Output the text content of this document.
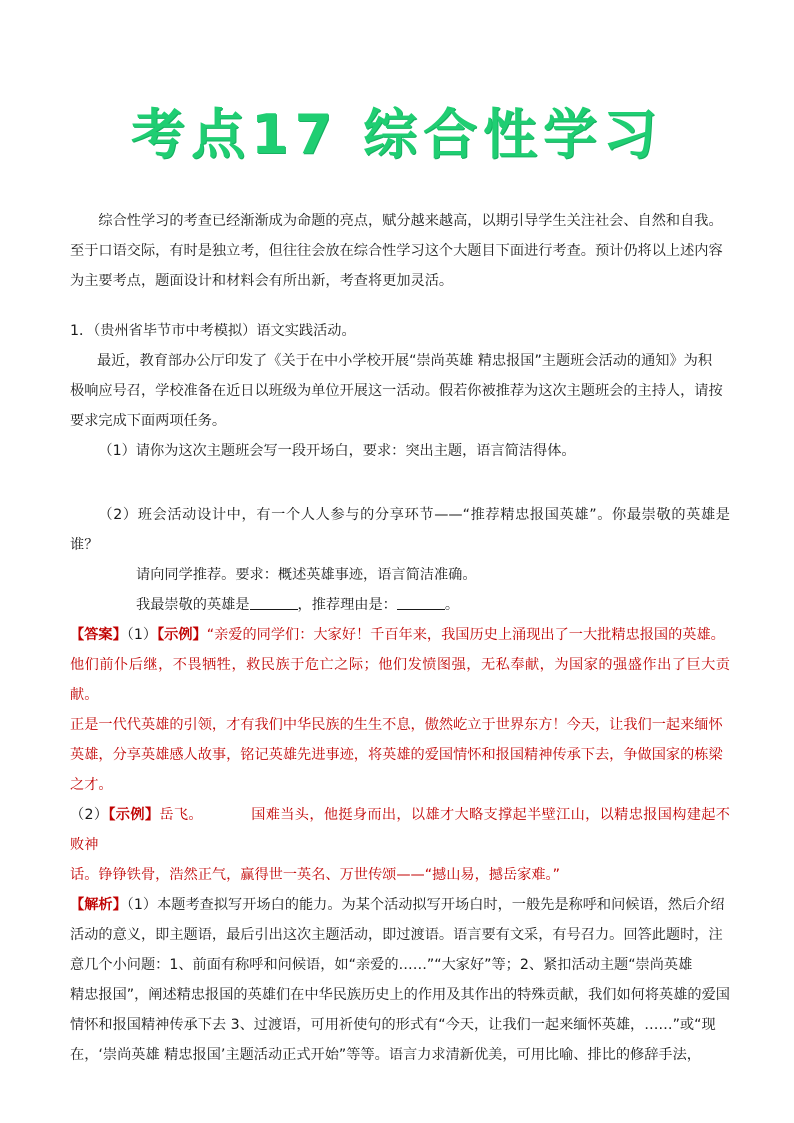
考点17 综合性学习

综合性学习的考查已经渐渐成为命题的亮点，赋分越来越高，以期引导学生关注社会、自然和自我。

至于口语交际，有时是独立考，但往往会放在综合性学习这个大题目下面进行考查。预计仍将以上述内容

为主要考点，题面设计和材料会有所出新，考查将更加灵活。

1．（贵州省毕节市中考模拟）语文实践活动。

最近，教育部办公厅印发了《关于在中小学校开展“崇尚英雄 精忠报国”主题班会活动的通知》为积

极响应号召，学校准备在近日以班级为单位开展这一活动。假若你被推荐为这次主题班会的主持人，请按

要求完成下面两项任务。

（1）请你为这次主题班会写一段开场白，要求：突出主题，语言简洁得体。

（2）班会活动设计中，有一个人人参与的分享环节——“推荐精忠报国英雄”。你最崇敬的英雄是谁？

请向同学推荐。要求：概述英雄事迹，语言简洁准确。

我最崇敬的英雄是	，推荐理由是：	。

【答案】（1）【示例】“亲爱的同学们：大家好！千百年来，我国历史上涌现出了一大批精忠报国的英雄。

他们前仆后继，不畏牺牲，救民族于危亡之际；他们发愤图强，无私奉献，为国家的强盛作出了巨大贡献。

正是一代代英雄的引领，才有我们中华民族的生生不息，傲然屹立于世界东方！今天，让我们一起来缅怀

英雄，分享英雄感人故事，铭记英雄先进事迹，将英雄的爱国情怀和报国精神传承下去，争做国家的栋梁

之才。

（2）【示例】岳飞。	国难当头，他挺身而出，以雄才大略支撑起半壁江山，以精忠报国构建起不败神

话。铮铮铁骨，浩然正气，赢得世一英名、万世传颂——“撼山易，撼岳家难。”

【解析】（1）本题考查拟写开场白的能力。为某个活动拟写开场白时，一般先是称呼和问候语，然后介绍

活动的意义，即主题语，最后引出这次主题活动，即过渡语。语言要有文采，有号召力。回答此题时，注

意几个小问题：1、前面有称呼和问候语，如“亲爱的……”“大家好”等；2、紧扣活动主题“崇尚英雄

精忠报国”，阐述精忠报国的英雄们在中华民族历史上的作用及其作出的特殊贡献，我们如何将英雄的爱国

情怀和报国精神传承下去 3、过渡语，可用祈使句的形式有“今天，让我们一起来缅怀英雄，……”或“现

在，‘崇尚英雄 精忠报国’主题活动正式开始”等等。语言力求清新优美，可用比喻、排比的修辞手法，
